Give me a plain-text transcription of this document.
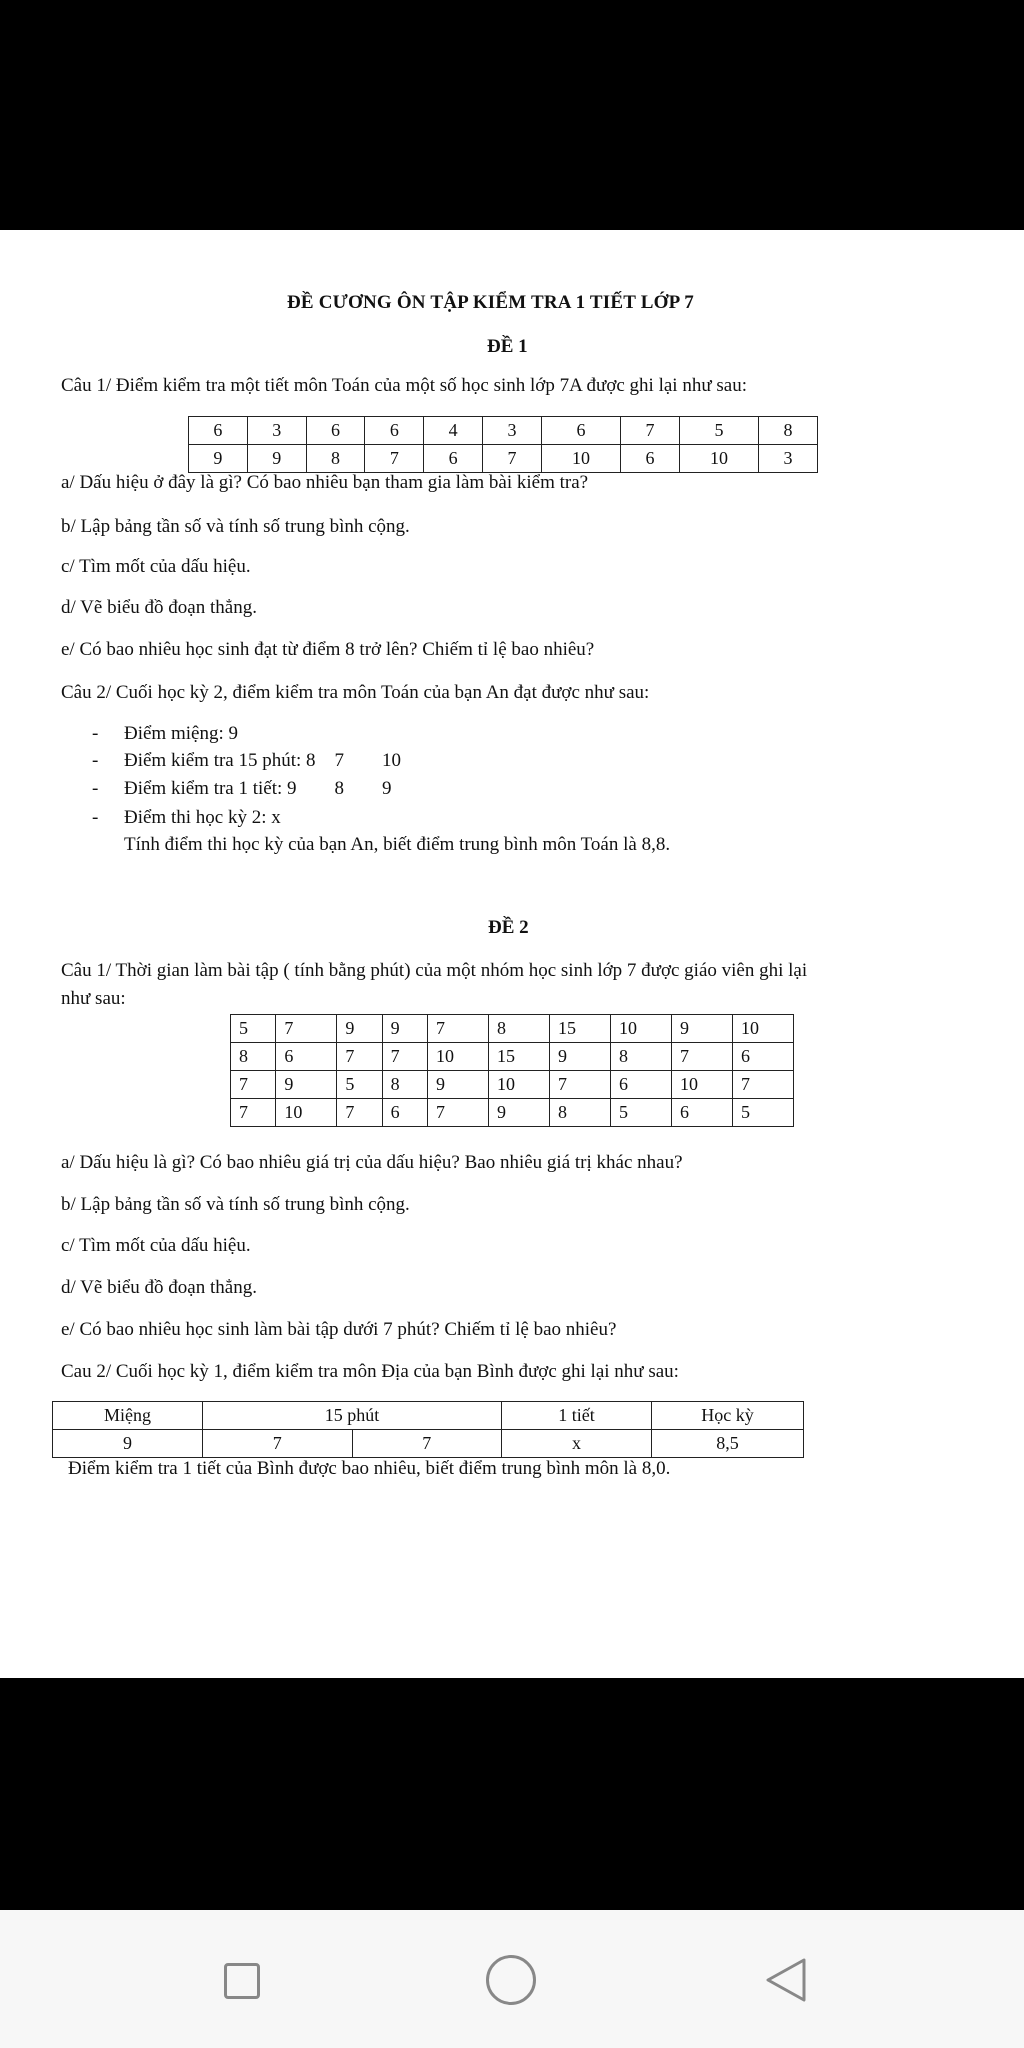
ĐỀ CƯƠNG ÔN TẬP KIỂM TRA 1 TIẾT LỚP 7
ĐỀ 1
Câu 1/ Điểm kiểm tra một tiết môn Toán của một số học sinh lớp 7A được ghi lại như sau:
6	3	6	6	4	3	6	7	5	8
9	9	8	7	6	7	10	6	10	3
a/ Dấu hiệu ở đây là gì? Có bao nhiêu bạn tham gia làm bài kiểm tra?
b/ Lập bảng tần số và tính số trung bình cộng.
c/ Tìm mốt của dấu hiệu.
d/ Vẽ biểu đồ đoạn thẳng.
e/ Có bao nhiêu học sinh đạt từ điểm 8 trở lên? Chiếm tỉ lệ bao nhiêu?
Câu 2/ Cuối học kỳ 2, điểm kiểm tra môn Toán của bạn An đạt được như sau:
- Điểm miệng: 9
- Điểm kiểm tra 15 phút: 8    7        10
- Điểm kiểm tra 1 tiết: 9        8        9
- Điểm thi học kỳ 2: x
Tính điểm thi học kỳ của bạn An, biết điểm trung bình môn Toán là 8,8.
ĐỀ 2
Câu 1/ Thời gian làm bài tập ( tính bằng phút) của một nhóm học sinh lớp 7 được giáo viên ghi lại
như sau:
5	7	9	9	7	8	15	10	9	10
8	6	7	7	10	15	9	8	7	6
7	9	5	8	9	10	7	6	10	7
7	10	7	6	7	9	8	5	6	5
a/ Dấu hiệu là gì? Có bao nhiêu giá trị của dấu hiệu? Bao nhiêu giá trị khác nhau?
b/ Lập bảng tần số và tính số trung bình cộng.
c/ Tìm mốt của dấu hiệu.
d/ Vẽ biểu đồ đoạn thẳng.
e/ Có bao nhiêu học sinh làm bài tập dưới 7 phút? Chiếm tỉ lệ bao nhiêu?
Cau 2/ Cuối học kỳ 1, điểm kiểm tra môn Địa của bạn Bình được ghi lại như sau:
Miệng	15 phút		1 tiết	Học kỳ
9	7	7	x	8,5
Điểm kiểm tra 1 tiết của Bình được bao nhiêu, biết điểm trung bình môn là 8,0.
